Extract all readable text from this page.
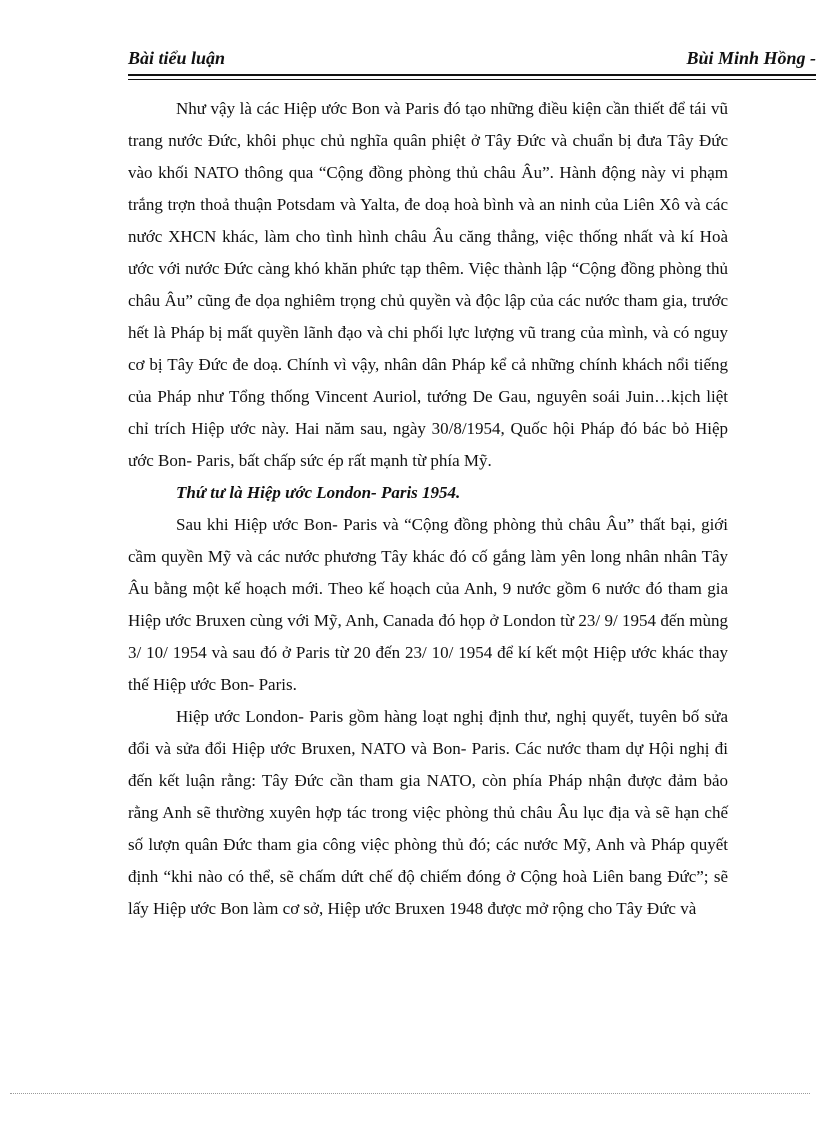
Bài tiểu luận	Bùi Minh Hồng -

Như vậy là các Hiệp ước Bon và Paris đó tạo những điều kiện cần thiết để tái vũ trang nước Đức, khôi phục chủ nghĩa quân phiệt ở Tây Đức và chuẩn bị đưa Tây Đức vào khối NATO thông qua “Cộng đồng phòng thủ châu Âu”. Hành động này vi phạm trắng trợn thoả thuận Potsdam và Yalta, đe doạ hoà bình và an ninh của Liên Xô và các nước XHCN khác, làm cho tình hình châu Âu căng thẳng, việc thống nhất và kí Hoà ước với nước Đức càng khó khăn phức tạp thêm. Việc thành lập “Cộng đồng phòng thủ châu Âu” cũng đe dọa nghiêm trọng chủ quyền và độc lập của các nước tham gia, trước hết là Pháp bị mất quyền lãnh đạo và chi phối lực lượng vũ trang của mình, và có nguy cơ bị Tây Đức đe doạ. Chính vì vậy, nhân dân Pháp kể cả những chính khách nổi tiếng của Pháp như Tổng thống Vincent Auriol, tướng De Gau, nguyên soái Juin…kịch liệt chỉ trích Hiệp ước này. Hai năm sau, ngày 30/8/1954, Quốc hội Pháp đó bác bỏ Hiệp ước Bon- Paris, bất chấp sức ép rất mạnh từ phía Mỹ.

Thứ tư là Hiệp ước London- Paris 1954.

Sau khi Hiệp ước Bon- Paris và “Cộng đồng phòng thủ châu Âu” thất bại, giới cầm quyền Mỹ và các nước phương Tây khác đó cố gắng làm yên long nhân nhân Tây Âu bằng một kế hoạch mới. Theo kế hoạch của Anh, 9 nước gồm 6 nước đó tham gia Hiệp ước Bruxen cùng với Mỹ, Anh, Canada đó họp ở London từ 23/ 9/ 1954 đến mùng 3/ 10/ 1954 và sau đó ở Paris từ 20 đến 23/ 10/ 1954 để kí kết một Hiệp ước khác thay thế Hiệp ước Bon- Paris.

Hiệp ước London- Paris gồm hàng loạt nghị định thư, nghị quyết, tuyên bố sửa đổi và sửa đổi Hiệp ước Bruxen, NATO và Bon- Paris. Các nước tham dự Hội nghị đi đến kết luận rằng: Tây Đức cần tham gia NATO, còn phía Pháp nhận được đảm bảo rằng Anh sẽ thường xuyên hợp tác trong việc phòng thủ châu Âu lục địa và sẽ hạn chế số lượn quân Đức tham gia công việc phòng thủ đó; các nước Mỹ, Anh và Pháp quyết định “khi nào có thể, sẽ chấm dứt chế độ chiếm đóng ở Cộng hoà Liên bang Đức”; sẽ lấy Hiệp ước Bon làm cơ sở, Hiệp ước Bruxen 1948 được mở rộng cho Tây Đức và
